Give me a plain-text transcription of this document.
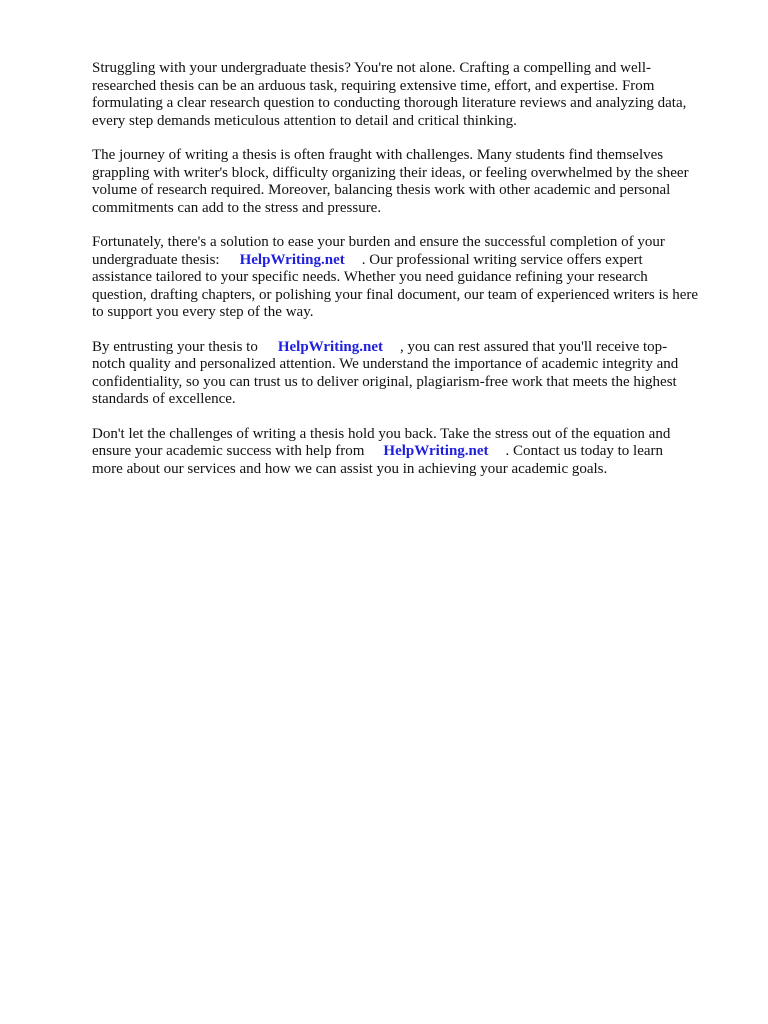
Struggling with your undergraduate thesis? You're not alone. Crafting a compelling and well-
researched thesis can be an arduous task, requiring extensive time, effort, and expertise. From
formulating a clear research question to conducting thorough literature reviews and analyzing data,
every step demands meticulous attention to detail and critical thinking.

The journey of writing a thesis is often fraught with challenges. Many students find themselves
grappling with writer's block, difficulty organizing their ideas, or feeling overwhelmed by the sheer
volume of research required. Moreover, balancing thesis work with other academic and personal
commitments can add to the stress and pressure.

Fortunately, there's a solution to ease your burden and ensure the successful completion of your
undergraduate thesis: HelpWriting.net . Our professional writing service offers expert
assistance tailored to your specific needs. Whether you need guidance refining your research
question, drafting chapters, or polishing your final document, our team of experienced writers is here
to support you every step of the way.

By entrusting your thesis to HelpWriting.net , you can rest assured that you'll receive top-
notch quality and personalized attention. We understand the importance of academic integrity and
confidentiality, so you can trust us to deliver original, plagiarism-free work that meets the highest
standards of excellence.

Don't let the challenges of writing a thesis hold you back. Take the stress out of the equation and
ensure your academic success with help from HelpWriting.net . Contact us today to learn
more about our services and how we can assist you in achieving your academic goals.
